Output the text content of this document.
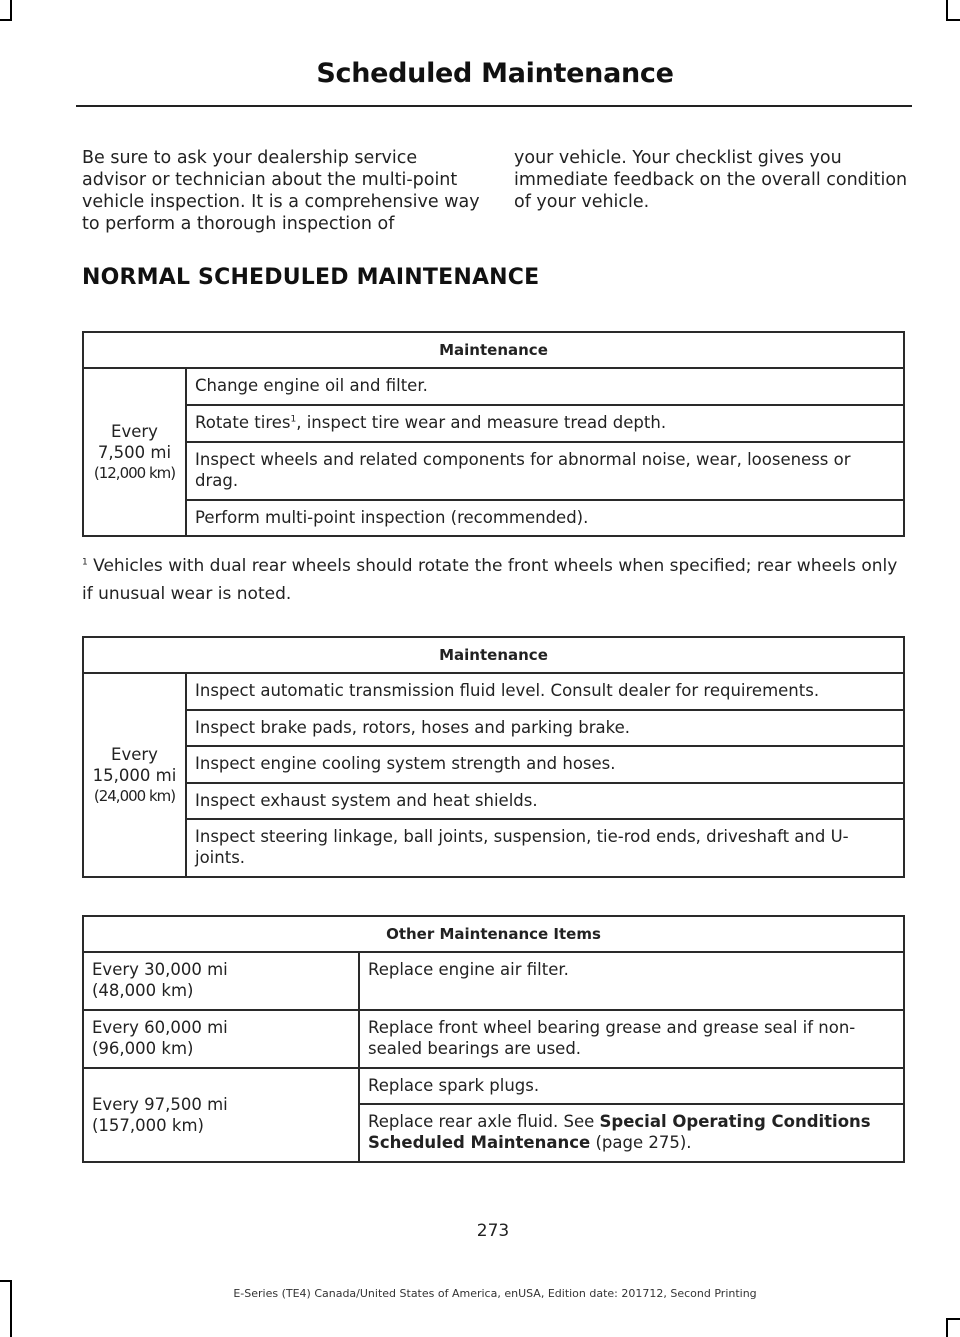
Scheduled Maintenance
Be sure to ask your dealership service advisor or technician about the multi-point vehicle inspection. It is a comprehensive way to perform a thorough inspection of
your vehicle. Your checklist gives you immediate feedback on the overall condition of your vehicle.
NORMAL SCHEDULED MAINTENANCE
Maintenance

Every
7,500 mi
(12,000 km)
	Change engine oil and filter.
Rotate tires$^1$, inspect tire wear and measure tread depth.
Inspect wheels and related components for abnormal noise, wear, looseness or drag.
Perform multi-point inspection (recommended).
$^1$ Vehicles with dual rear wheels should rotate the front wheels when specified; rear wheels only if unusual wear is noted.
Maintenance

Every
15,000 mi
(24,000 km)
	Inspect automatic transmission fluid level. Consult dealer for requirements.
Inspect brake pads, rotors, hoses and parking brake.
Inspect engine cooling system strength and hoses.
Inspect exhaust system and heat shields.
Inspect steering linkage, ball joints, suspension, tie-rod ends, driveshaft and U-joints.
Other Maintenance Items	

Every 30,000 mi
(48,000 km)	Replace engine air filter.

Every 60,000 mi
(96,000 km)	Replace front wheel bearing grease and grease seal if non-sealed bearings are used.

Every 97,500 mi
(157,000 km)	Replace spark plugs.
	Replace rear axle fluid. See Special Operating Conditions Scheduled Maintenance (page 275).
273
E-Series (TE4) Canada/United States of America, enUSA, Edition date: 201712, Second Printing
